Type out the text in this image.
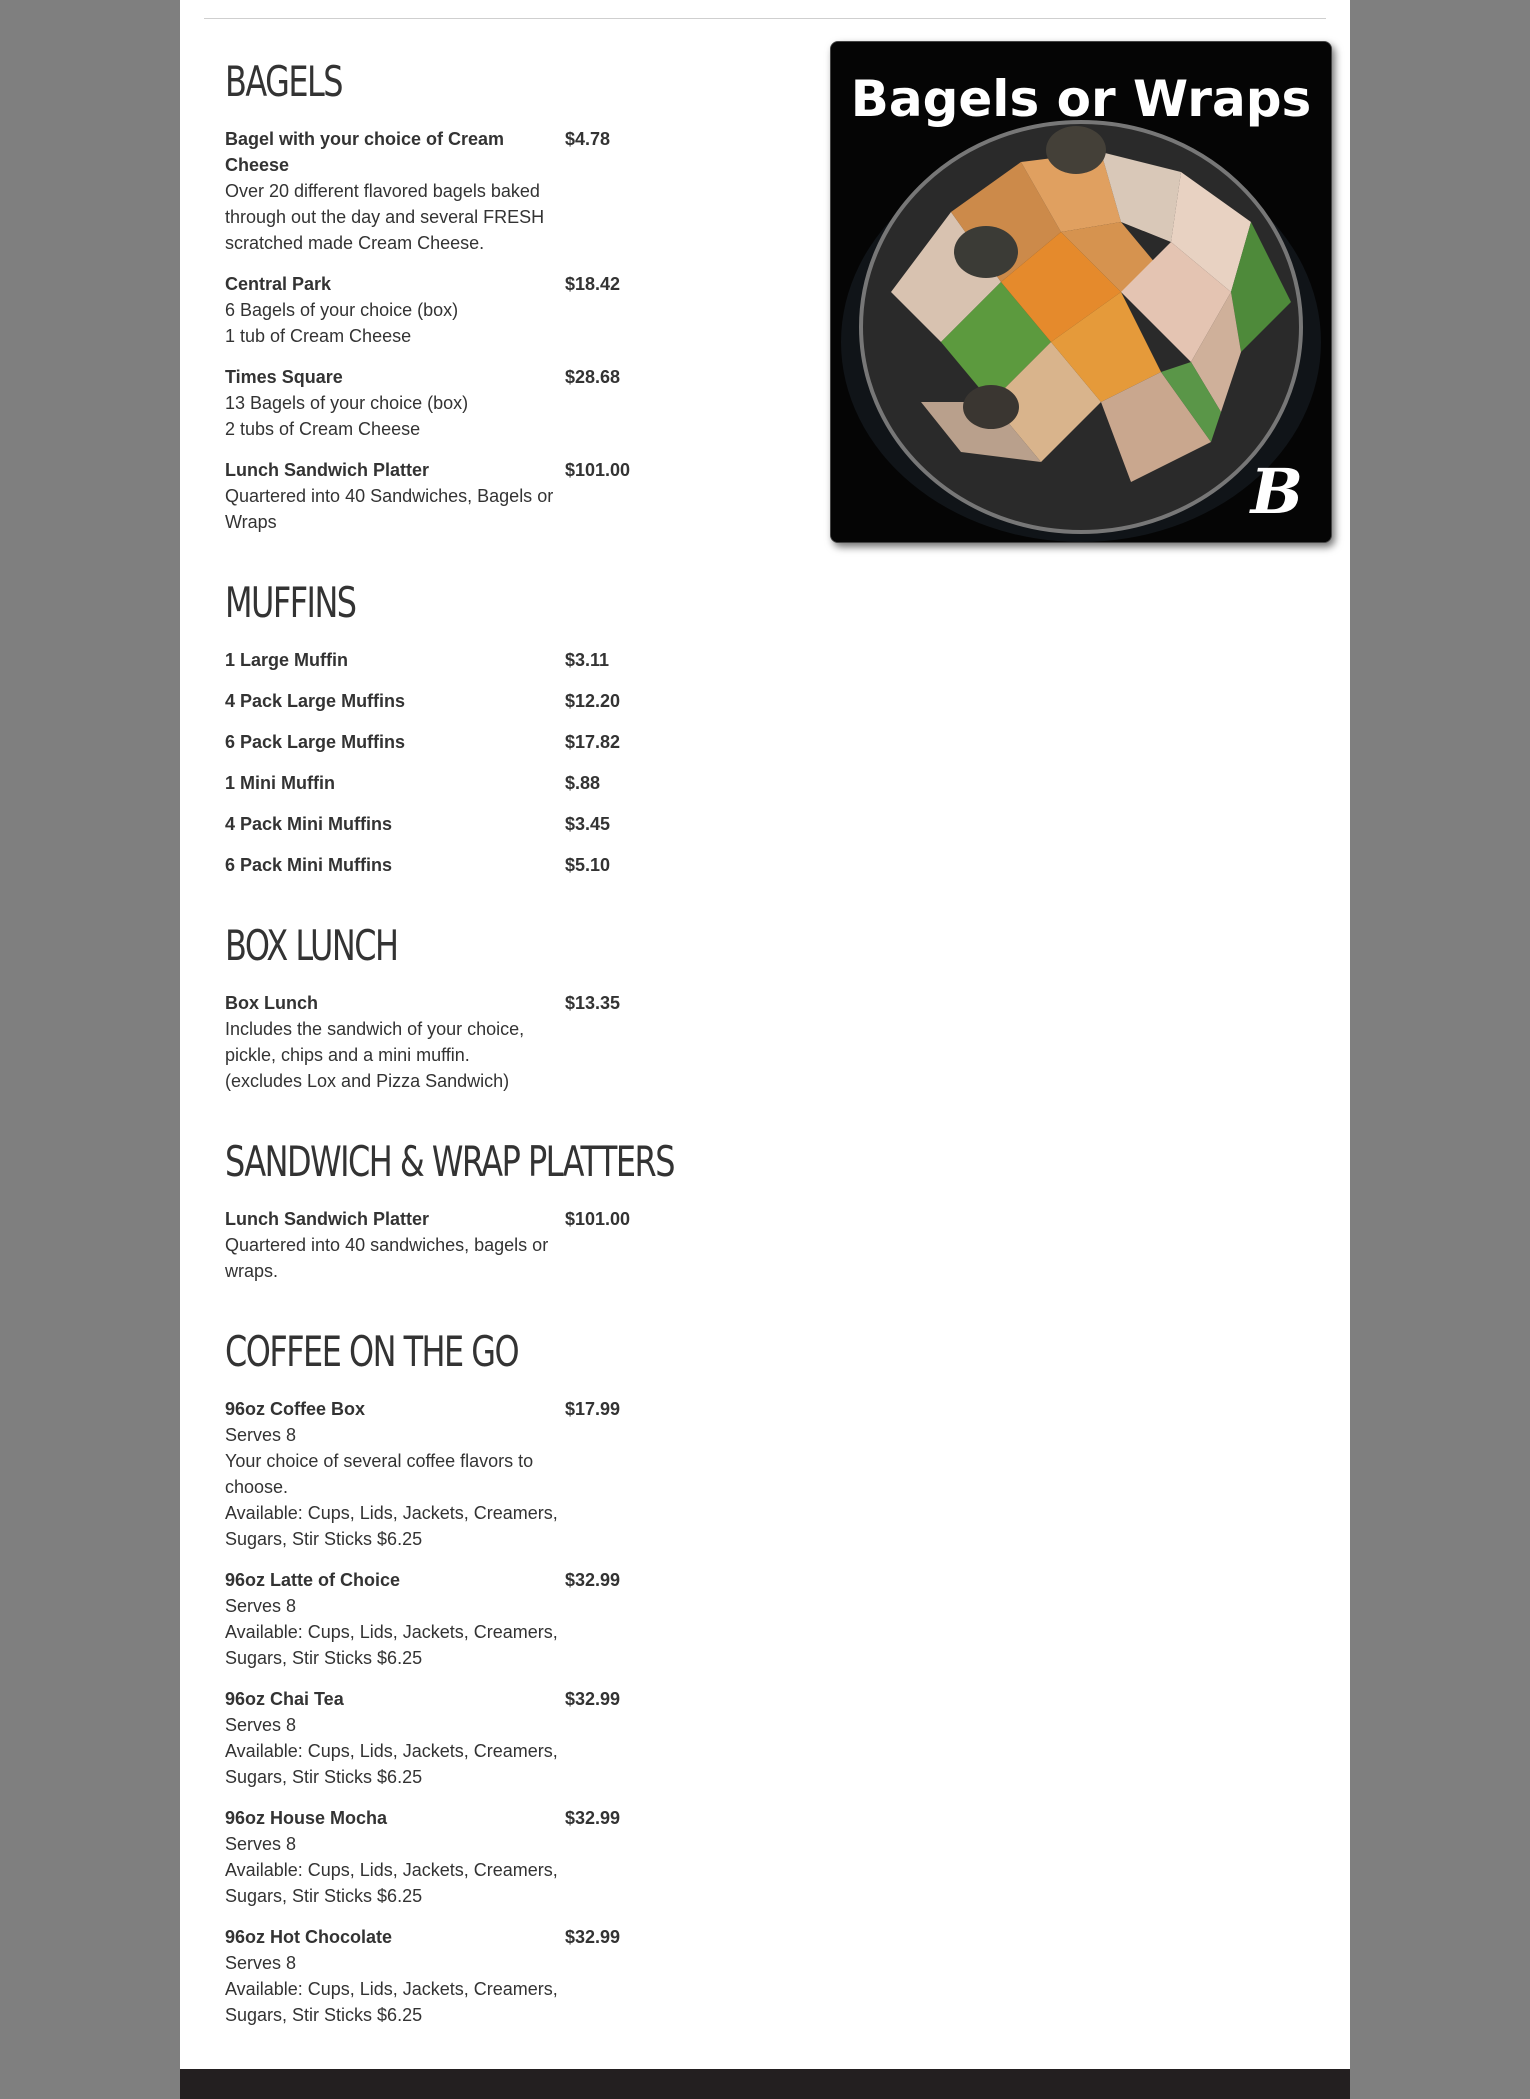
BAGELS
Bagel with your choice of Cream Cheese
Over 20 different flavored bagels baked through out the day and several FRESH scratched made Cream Cheese.
$4.78
Central Park
6 Bagels of your choice (box)
1 tub of Cream Cheese
$18.42
Times Square
13 Bagels of your choice (box)
2 tubs of Cream Cheese
$28.68
Lunch Sandwich Platter
Quartered into 40 Sandwiches, Bagels or Wraps
$101.00
MUFFINS
1 Large Muffin	$3.11
4 Pack Large Muffins	$12.20
6 Pack Large Muffins	$17.82
1 Mini Muffin	$.88
4 Pack Mini Muffins	$3.45
6 Pack Mini Muffins	$5.10
BOX LUNCH
Box Lunch
Includes the sandwich of your choice, pickle, chips and a mini muffin.
(excludes Lox and Pizza Sandwich)
$13.35
SANDWICH & WRAP PLATTERS
Lunch Sandwich Platter
Quartered into 40 sandwiches, bagels or wraps.
$101.00
COFFEE ON THE GO
96oz Coffee Box
Serves 8
Your choice of several coffee flavors to choose.
Available: Cups, Lids, Jackets, Creamers, Sugars, Stir Sticks $6.25
$17.99
96oz Latte of Choice
Serves 8
Available: Cups, Lids, Jackets, Creamers, Sugars, Stir Sticks $6.25
$32.99
96oz Chai Tea
Serves 8
Available: Cups, Lids, Jackets, Creamers, Sugars, Stir Sticks $6.25
$32.99
96oz House Mocha
Serves 8
Available: Cups, Lids, Jackets, Creamers, Sugars, Stir Sticks $6.25
$32.99
96oz Hot Chocolate
Serves 8
Available: Cups, Lids, Jackets, Creamers, Sugars, Stir Sticks $6.25
$32.99
Bagels or Wraps
B
